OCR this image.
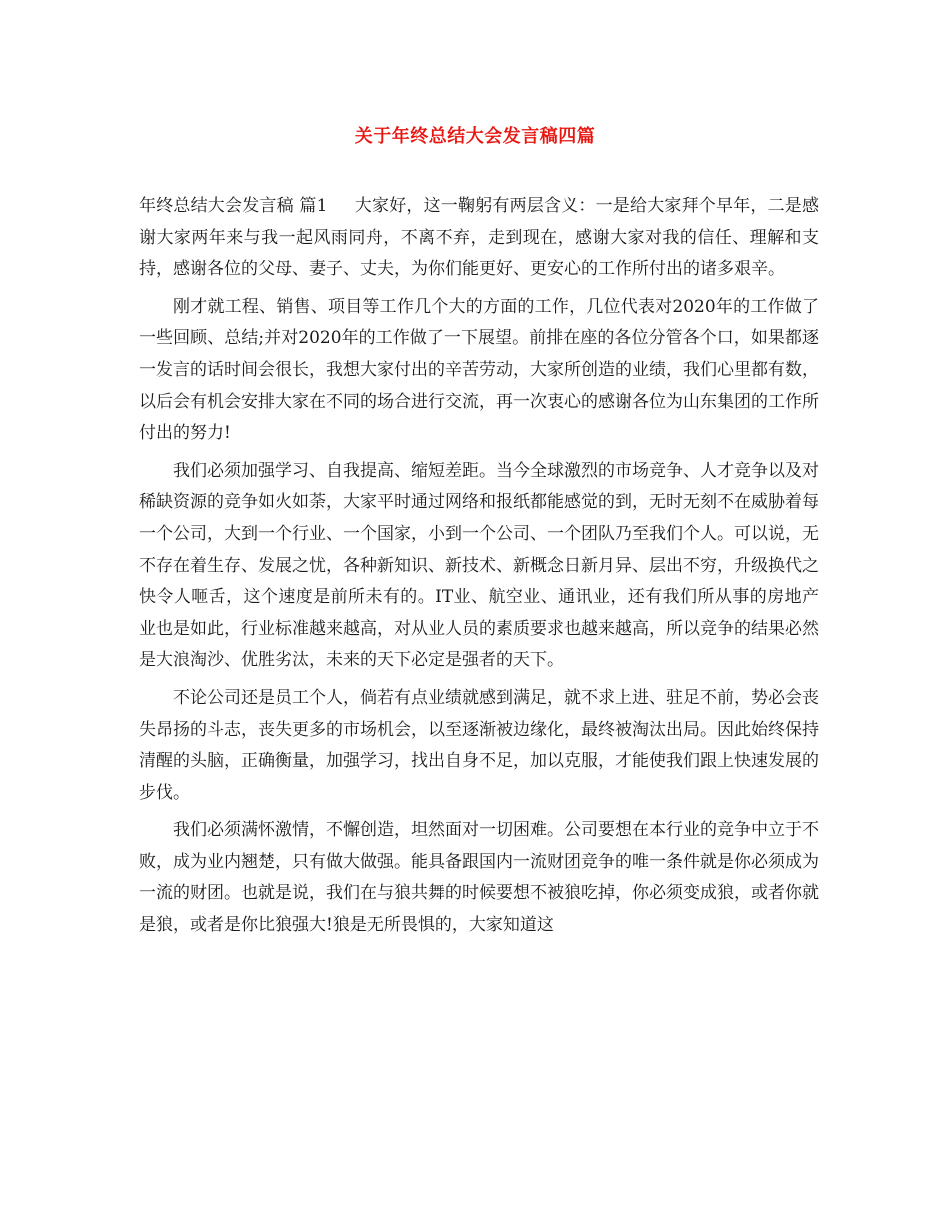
关于年终总结大会发言稿四篇

年终总结大会发言稿 篇1 大家好，这一鞠躬有两层含义：一是给大家拜个早年，二是感谢大家两年来与我一起风雨同舟，不离不弃，走到现在，感谢大家对我的信任、理解和支持，感谢各位的父母、妻子、丈夫，为你们能更好、更安心的工作所付出的诸多艰辛。

刚才就工程、销售、项目等工作几个大的方面的工作，几位代表对2020年的工作做了一些回顾、总结;并对2020年的工作做了一下展望。前排在座的各位分管各个口，如果都逐一发言的话时间会很长，我想大家付出的辛苦劳动，大家所创造的业绩，我们心里都有数，以后会有机会安排大家在不同的场合进行交流，再一次衷心的感谢各位为山东集团的工作所付出的努力!

我们必须加强学习、自我提高、缩短差距。当今全球激烈的市场竞争、人才竞争以及对稀缺资源的竞争如火如荼，大家平时通过网络和报纸都能感觉的到，无时无刻不在威胁着每一个公司，大到一个行业、一个国家，小到一个公司、一个团队乃至我们个人。可以说，无不存在着生存、发展之忧，各种新知识、新技术、新概念日新月异、层出不穷，升级换代之快令人咂舌，这个速度是前所未有的。IT业、航空业、通讯业，还有我们所从事的房地产业也是如此，行业标准越来越高，对从业人员的素质要求也越来越高，所以竞争的结果必然是大浪淘沙、优胜劣汰，未来的天下必定是强者的天下。

不论公司还是员工个人，倘若有点业绩就感到满足，就不求上进、驻足不前，势必会丧失昂扬的斗志，丧失更多的市场机会，以至逐渐被边缘化，最终被淘汰出局。因此始终保持清醒的头脑，正确衡量，加强学习，找出自身不足，加以克服，才能使我们跟上快速发展的步伐。

我们必须满怀激情，不懈创造，坦然面对一切困难。公司要想在本行业的竞争中立于不败，成为业内翘楚，只有做大做强。能具备跟国内一流财团竞争的唯一条件就是你必须成为一流的财团。也就是说，我们在与狼共舞的时候要想不被狼吃掉，你必须变成狼，或者你就是狼，或者是你比狼强大!狼是无所畏惧的，大家知道这
